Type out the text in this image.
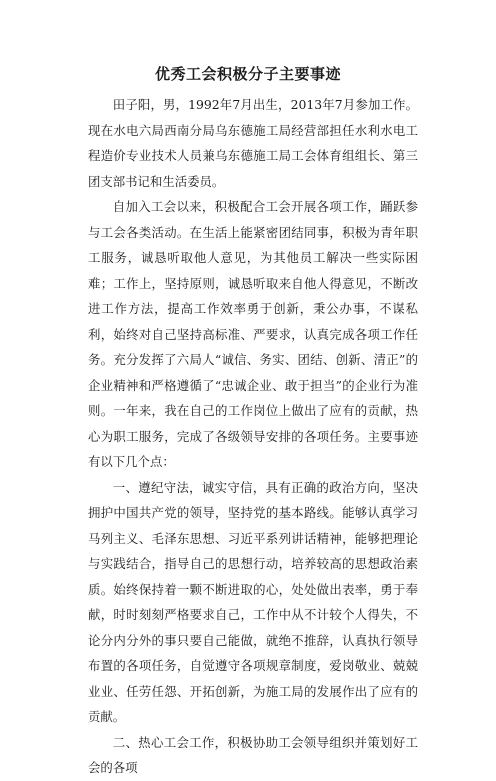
优秀工会积极分子主要事迹

田子阳，男，1992年7月出生，2013年7月参加工作。现在水电六局西南分局乌东德施工局经营部担任水利水电工程造价专业技术人员兼乌东德施工局工会体育组组长、第三团支部书记和生活委员。

自加入工会以来，积极配合工会开展各项工作，踊跃参与工会各类活动。在生活上能紧密团结同事，积极为青年职工服务，诚恳听取他人意见，为其他员工解决一些实际困难；工作上，坚持原则，诚恳听取来自他人得意见，不断改进工作方法，提高工作效率勇于创新，秉公办事，不谋私利，始终对自己坚持高标准、严要求，认真完成各项工作任务。充分发挥了六局人“诚信、务实、团结、创新、清正”的企业精神和严格遵循了“忠诚企业、敢于担当”的企业行为准则。一年来，我在自己的工作岗位上做出了应有的贡献，热心为职工服务，完成了各级领导安排的各项任务。主要事迹有以下几个点：

一、遵纪守法，诚实守信，具有正确的政治方向，坚决拥护中国共产党的领导，坚持党的基本路线。能够认真学习马列主义、毛泽东思想、习近平系列讲话精神，能够把理论与实践结合，指导自己的思想行动，培养较高的思想政治素质。始终保持着一颗不断进取的心，处处做出表率，勇于奉献，时时刻刻严格要求自己，工作中从不计较个人得失，不论分内分外的事只要自己能做，就绝不推辞，认真执行领导布置的各项任务，自觉遵守各项规章制度，爱岗敬业、兢兢业业、任劳任怨、开拓创新，为施工局的发展作出了应有的贡献。

二、热心工会工作，积极协助工会领导组织并策划好工会的各项
